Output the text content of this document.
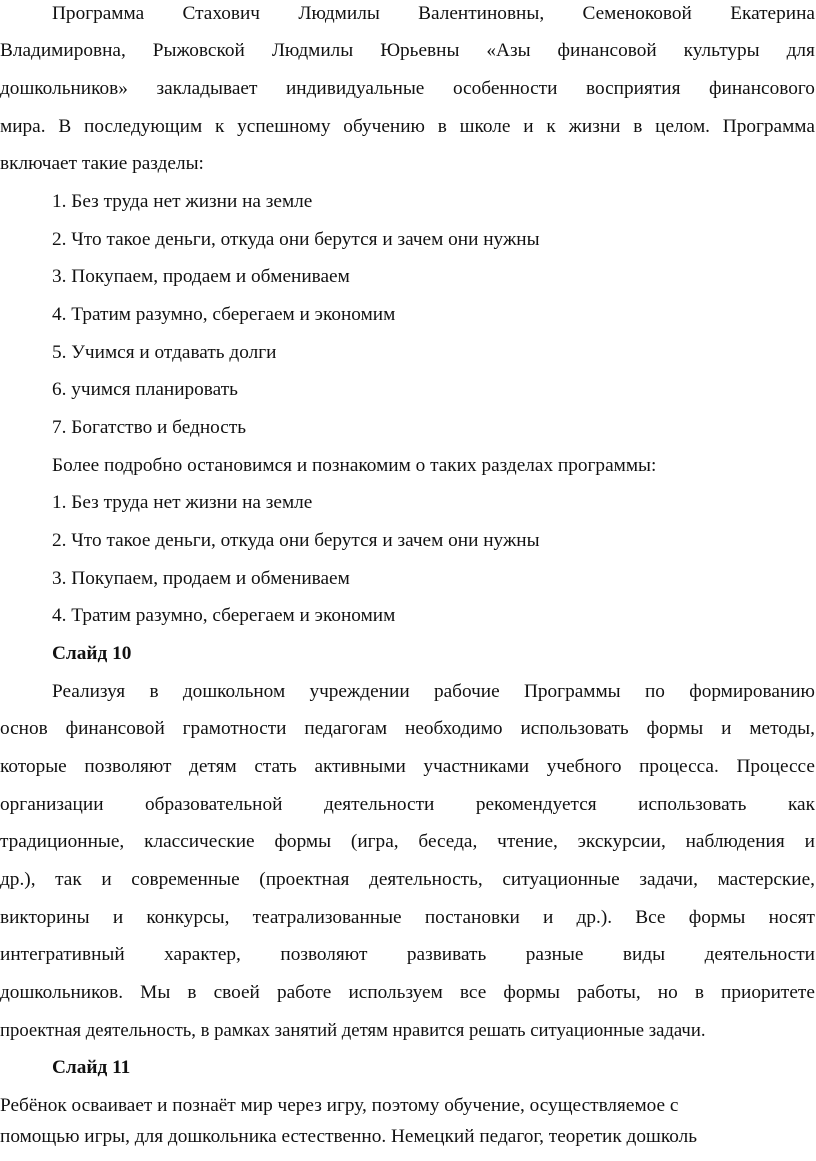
Программа Стахович Людмилы Валентиновны, Семеноковой Екатерина
Владимировна, Рыжовской Людмилы Юрьевны «Азы финансовой культуры для
дошкольников» закладывает индивидуальные особенности восприятия финансового
мира. В последующим к успешному обучению в школе и к жизни в целом. Программа
включает такие разделы:
1. Без труда нет жизни на земле
2. Что такое деньги, откуда они берутся и зачем они нужны
3. Покупаем, продаем и обмениваем
4. Тратим разумно, сберегаем и экономим
5. Учимся и отдавать долги
6. учимся планировать
7. Богатство и бедность
Более подробно остановимся и познакомим о таких разделах программы:
1. Без труда нет жизни на земле
2. Что такое деньги, откуда они берутся и зачем они нужны
3. Покупаем, продаем и обмениваем
4. Тратим разумно, сберегаем и экономим
Слайд 10
Реализуя в дошкольном учреждении рабочие Программы по формированию
основ финансовой грамотности педагогам необходимо использовать формы и методы,
которые позволяют детям стать активными участниками учебного процесса. Процессе
организации образовательной деятельности рекомендуется использовать как
традиционные, классические формы (игра, беседа, чтение, экскурсии, наблюдения и
др.), так и современные (проектная деятельность, ситуационные задачи, мастерские,
викторины и конкурсы, театрализованные постановки и др.). Все формы носят
интегративный характер, позволяют развивать разные виды деятельности
дошкольников. Мы в своей работе используем все формы работы, но в приоритете
проектная деятельность, в рамках занятий детям нравится решать ситуационные задачи.
Слайд 11
Ребёнок осваивает и познаёт мир через игру, поэтому обучение, осуществляемое с
помощью игры, для дошкольника естественно. Немецкий педагог, теоретик дошколь
